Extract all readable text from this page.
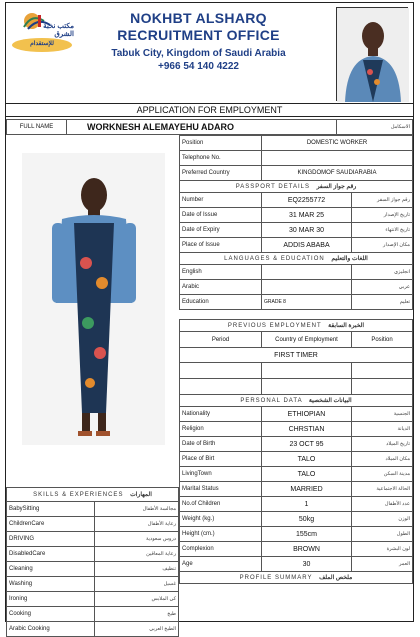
مكتب نخبة الشرق
للإستقدام
NOKHBT ALSHARQ
RECRUITMENT OFFICE
Tabuk City, Kingdom of Saudi Arabia
+966 54 140 4222
APPLICATION FOR EMPLOYMENT
FULL NAME	WORKNESH ALEMAYEHU ADARO	الاسكامل
Position	DOMESTIC WORKER	
Telephone No.		
Preferred Country	KINGDOMOF SAUDIARABIA	
PASSPORT DETAILS رقم جواز السفر		
Number	EQ2255772	رقم جواز السفر
Date of Issue	31 MAR 25	تاريخ الإصدار
Date of Expiry	30 MAR 30	تاريخ الانتهاء
Place of Issue	ADDIS ABABA	مكان الإصدار
LANGUAGES & EDUCATION اللغات والتعليم		
English		انجليزي
Arabic		عربي
Education	GRADE 8	تعليم
PREVIOUS EMPLOYMENT الخبرة السابقة		
Period	Country of Employment	Position
FIRST TIMER		

PERSONAL DATA البيانات الشخصية		
Nationality	ETHIOPIAN	الجنسية
Religion	CHRSTIAN	الديانة
Date of Birth	23 OCT 95	تاريخ الميلاد
Place of Birt	TALO	مكان الميلاد
LivingTown	TALO	مدينة السكن
Marital Status	MARRIED	الحالة الاجتماعية
No.of Children	1	عدد الأطفال
Weight (kg.)	50kg	الوزن
Height (cm.)	155cm	الطول
Complexion	BROWN	لون البشرة
Age	30	العمر
PROFILE SUMMARY ملخص الملف		
SKILLS & EXPERIENCES المهارات	
BabySitting	مجالسة الأطفال
ChildrenCare	رعاية الأطفال
DRIVING	دروس سعودية
DisabledCare	رعاية المعاقين
Cleaning	تنظيف
Washing	غسيل
Ironing	كي الملابس
Cooking	طبخ
Arabic Cooking	الطبخ العربي
